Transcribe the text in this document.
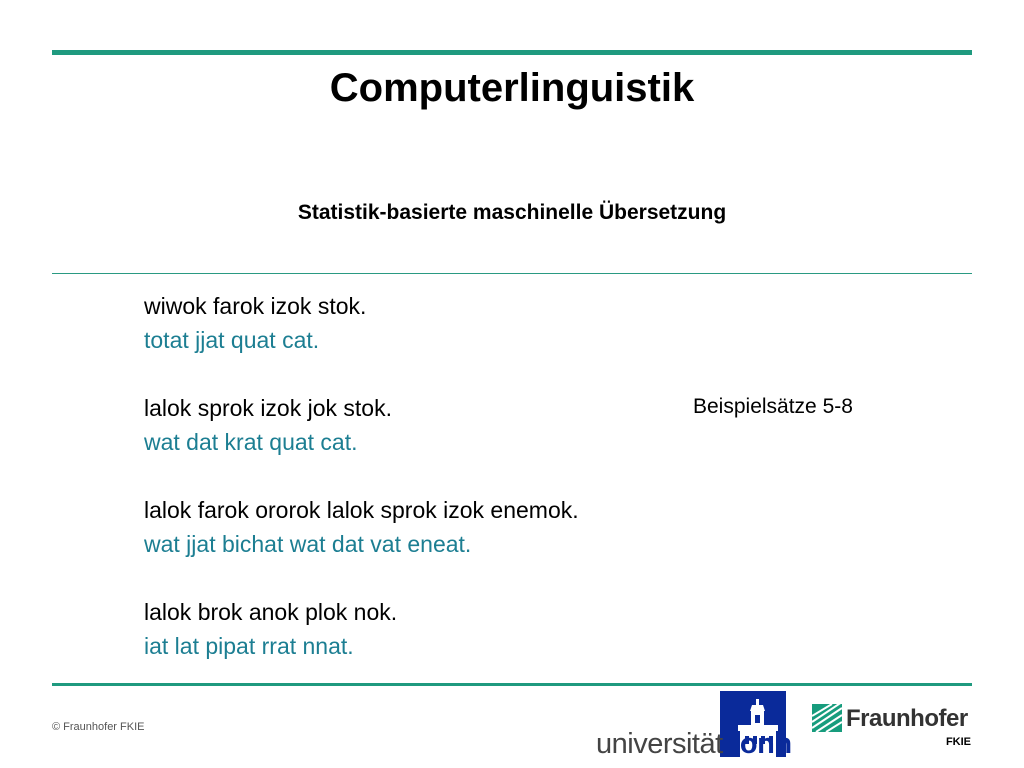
Computerlinguistik
Statistik-basierte maschinelle Übersetzung
wiwok farok izok stok.
totat jjat quat cat.
lalok sprok izok jok stok.
wat dat krat quat cat.
lalok farok ororok lalok sprok izok enemok.
wat jjat bichat wat dat vat eneat.
lalok brok anok plok nok.
iat lat pipat rrat nnat.
Beispielsätze 5-8
© Fraunhofer FKIE
universitätbonn
Fraunhofer
FKIE
